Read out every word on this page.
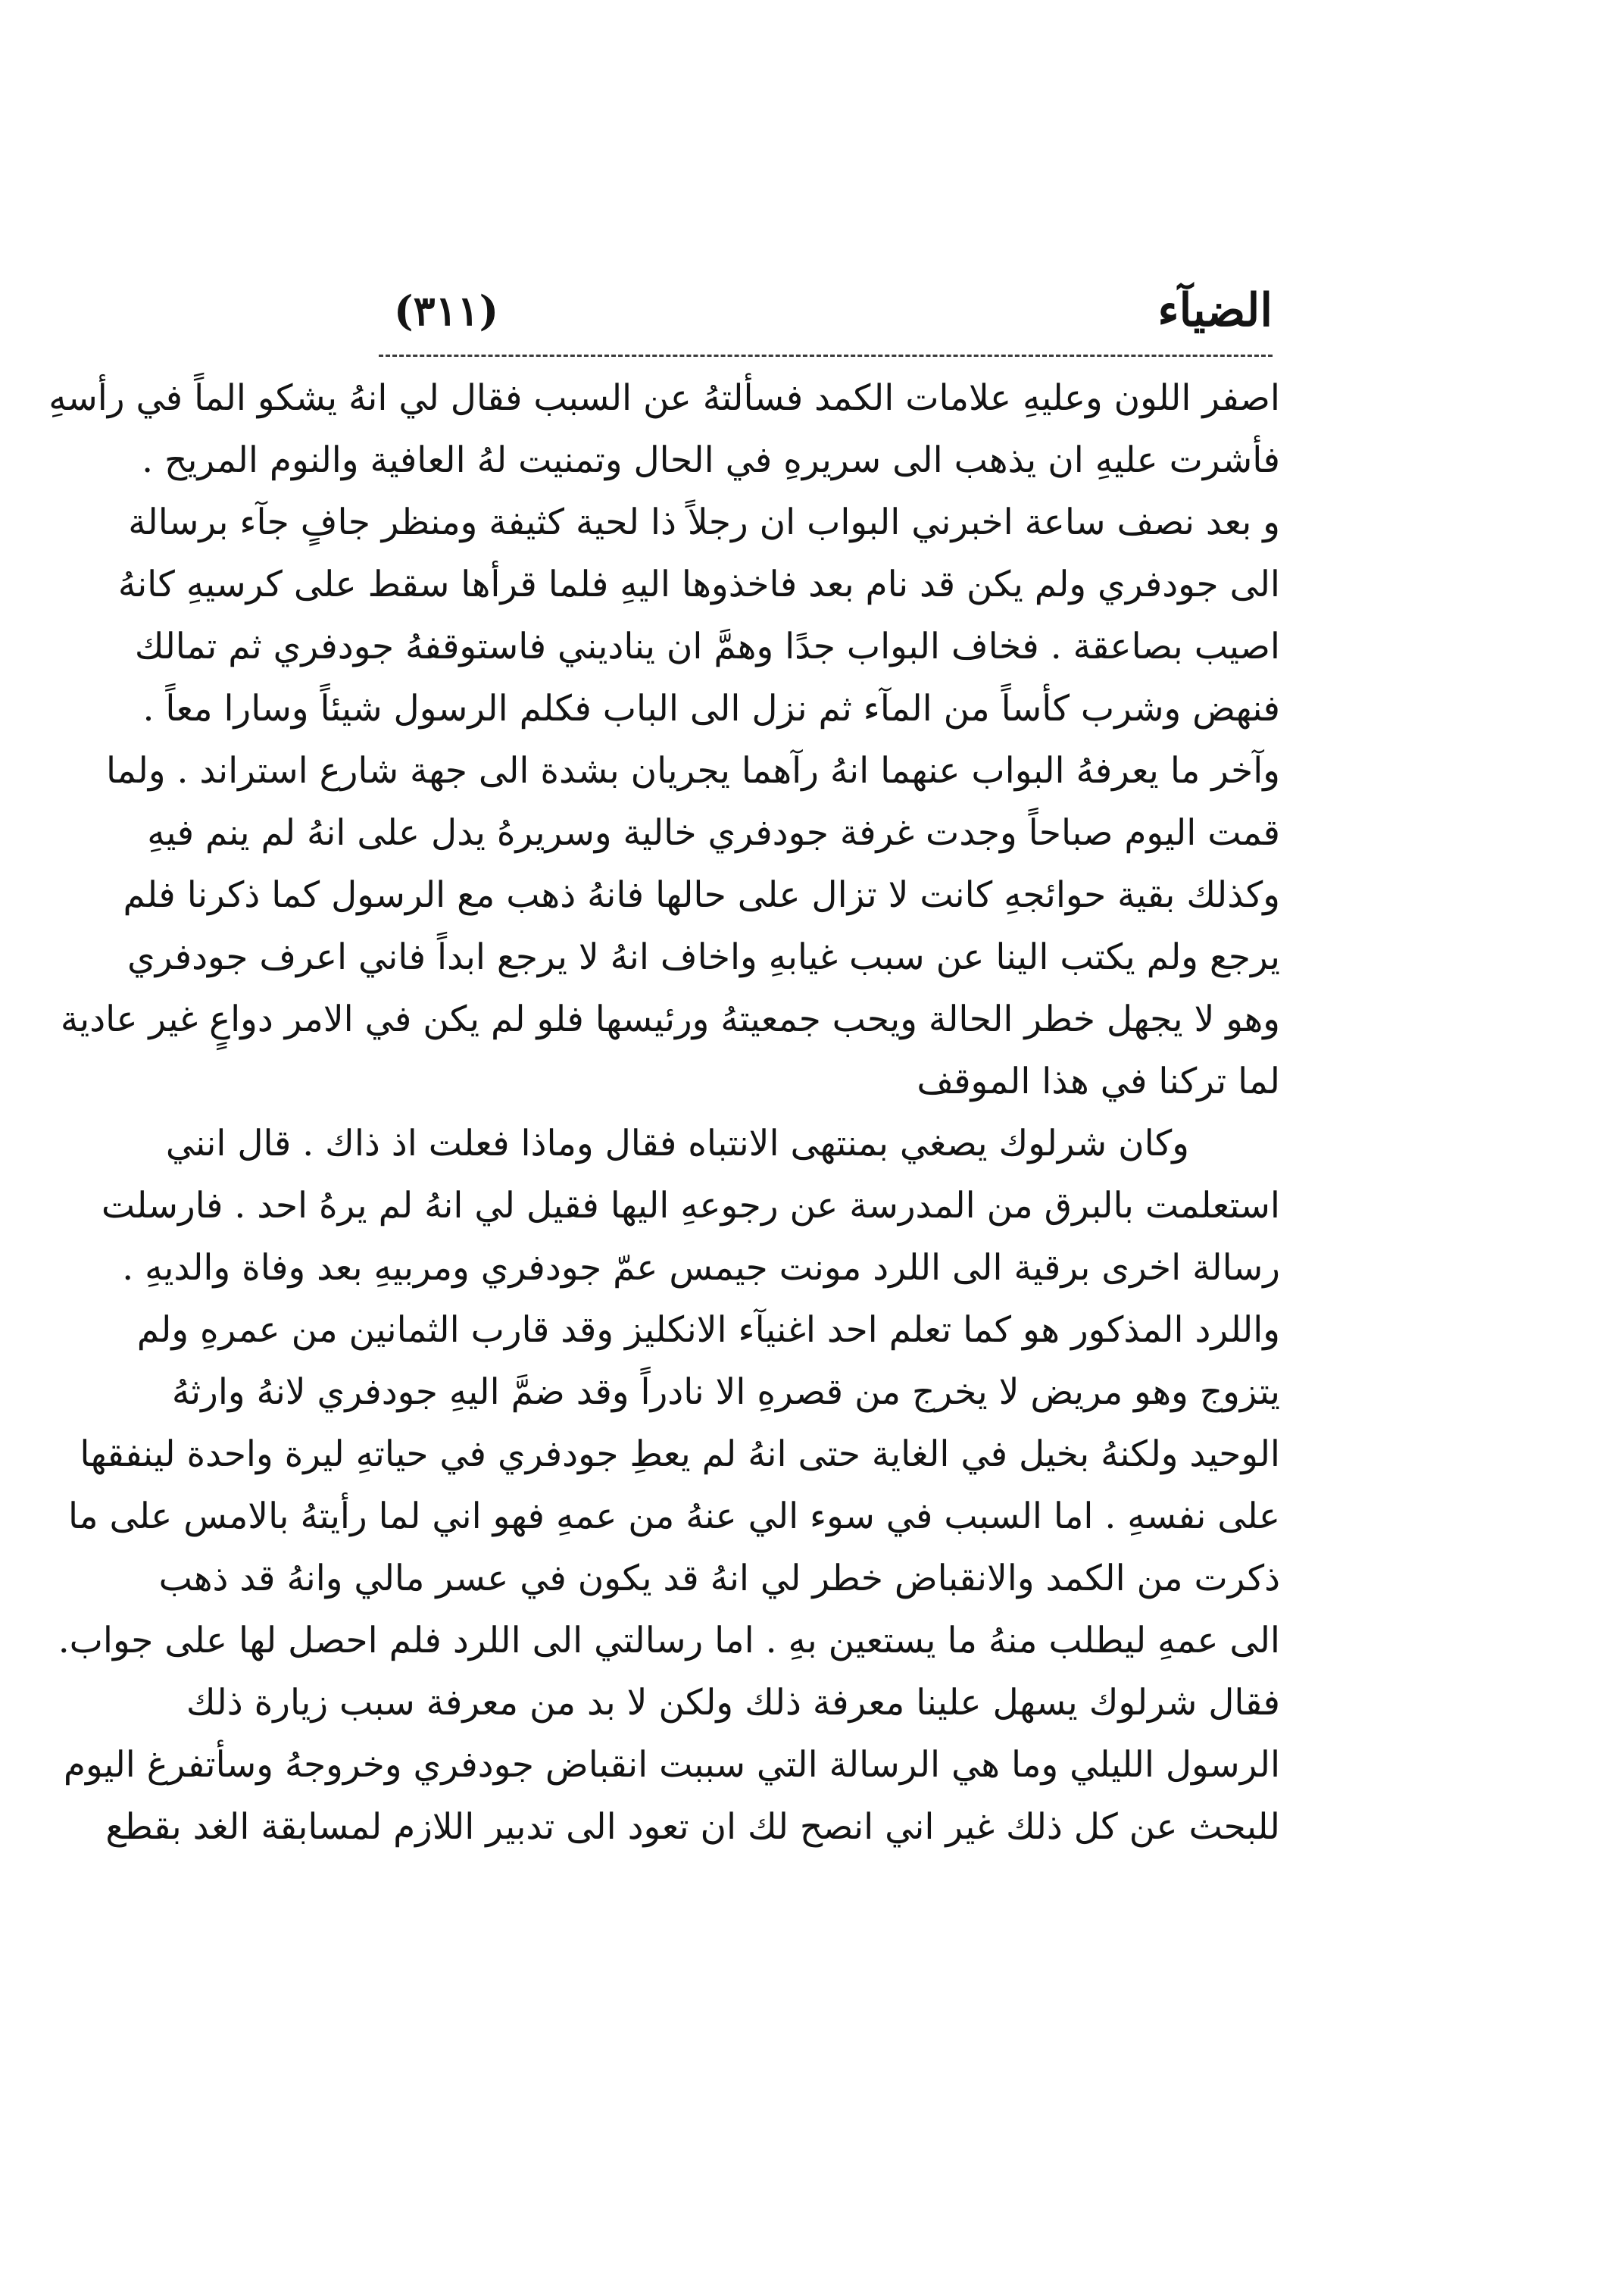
الضيآء
(٣١١)
اصفر اللون وعليهِ علامات الكمد فسألتهُ عن السبب فقال لي انهُ يشكو الماً في رأسهِ
فأشرت عليهِ ان يذهب الى سريرهِ في الحال وتمنيت لهُ العافية والنوم المريح .
و بعد نصف ساعة اخبرني البواب ان رجلاً ذا لحية كثيفة ومنظر جافٍ جآء برسالة
الى جودفري ولم يكن قد نام بعد فاخذوها اليهِ فلما قرأها سقط على كرسيهِ كانهُ
اصيب بصاعقة . فخاف البواب جدًا وهمَّ ان يناديني فاستوقفهُ جودفري ثم تمالك
فنهض وشرب كأساً من المآء ثم نزل الى الباب فكلم الرسول شيئاً وسارا معاً .
وآخر ما يعرفهُ البواب عنهما انهُ رآهما يجريان بشدة الى جهة شارع استراند . ولما
قمت اليوم صباحاً وجدت غرفة جودفري خالية وسريرهُ يدل على انهُ لم ينم فيهِ
وكذلك بقية حوائجهِ كانت لا تزال على حالها فانهُ ذهب مع الرسول كما ذكرنا فلم
يرجع ولم يكتب الينا عن سبب غيابهِ واخاف انهُ لا يرجع ابداً فاني اعرف جودفري
وهو لا يجهل خطر الحالة ويحب جمعيتهُ ورئيسها فلو لم يكن في الامر دواعٍ غير عادية
لما تركنا في هذا الموقف
وكان شرلوك يصغي بمنتهى الانتباه فقال وماذا فعلت اذ ذاك . قال انني
استعلمت بالبرق من المدرسة عن رجوعهِ اليها فقيل لي انهُ لم يرهُ احد . فارسلت
رسالة اخرى برقية الى اللرد مونت جيمس عمّ جودفري ومربيهِ بعد وفاة والديهِ .
واللرد المذكور هو كما تعلم احد اغنيآء الانكليز وقد قارب الثمانين من عمرهِ ولم
يتزوج وهو مريض لا يخرج من قصرهِ الا نادراً وقد ضمَّ اليهِ جودفري لانهُ وارثهُ
الوحيد ولكنهُ بخيل في الغاية حتى انهُ لم يعطِ جودفري في حياتهِ ليرة واحدة لينفقها
على نفسهِ . اما السبب في سوء الي عنهُ من عمهِ فهو اني لما رأيتهُ بالامس على ما
ذكرت من الكمد والانقباض خطر لي انهُ قد يكون في عسر مالي وانهُ قد ذهب
الى عمهِ ليطلب منهُ ما يستعين بهِ . اما رسالتي الى اللرد فلم احصل لها على جواب.
فقال شرلوك يسهل علينا معرفة ذلك ولكن لا بد من معرفة سبب زيارة ذلك
الرسول الليلي وما هي الرسالة التي سببت انقباض جودفري وخروجهُ وسأتفرغ اليوم
للبحث عن كل ذلك غير اني انصح لك ان تعود الى تدبير اللازم لمسابقة الغد بقطع
